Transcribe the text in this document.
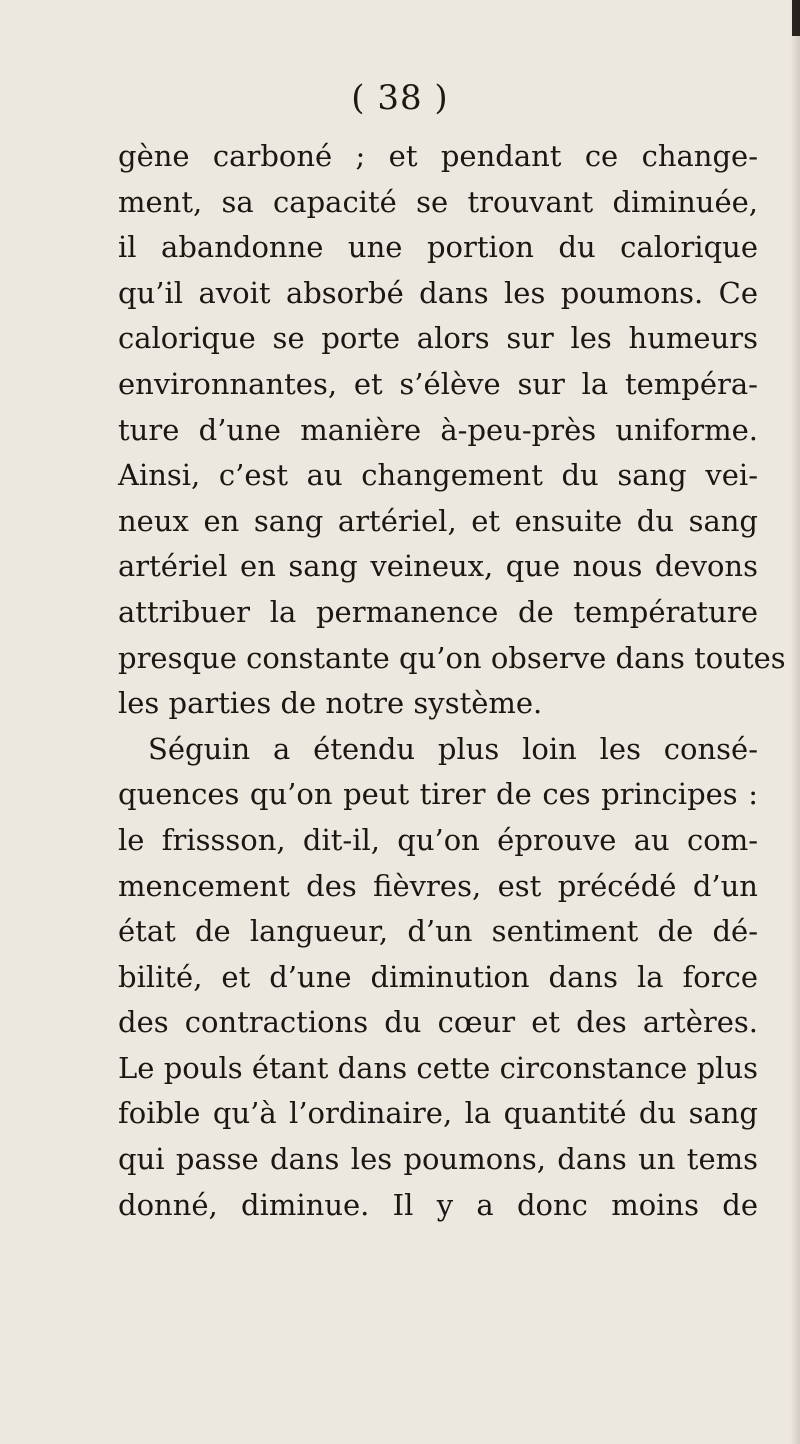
( 38 )
gène carboné ; et pendant ce change-
ment, sa capacité se trouvant diminuée,
il abandonne une portion du calorique
qu’il avoit absorbé dans les poumons. Ce
calorique se porte alors sur les humeurs
environnantes, et s’élève sur la tempéra-
ture d’une manière à-peu-près uniforme.
Ainsi, c’est au changement du sang vei-
neux en sang artériel, et ensuite du sang
artériel en sang veineux, que nous devons
attribuer la permanence de température
presque constante qu’on observe dans toutes
les parties de notre système.
Séguin a étendu plus loin les consé-
quences qu’on peut tirer de ces principes :
le frissson, dit-il, qu’on éprouve au com-
mencement des fièvres, est précédé d’un
état de langueur, d’un sentiment de dé-
bilité, et d’une diminution dans la force
des contractions du cœur et des artères.
Le pouls étant dans cette circonstance plus
foible qu’à l’ordinaire, la quantité du sang
qui passe dans les poumons, dans un tems
donné, diminue. Il y a donc moins de
